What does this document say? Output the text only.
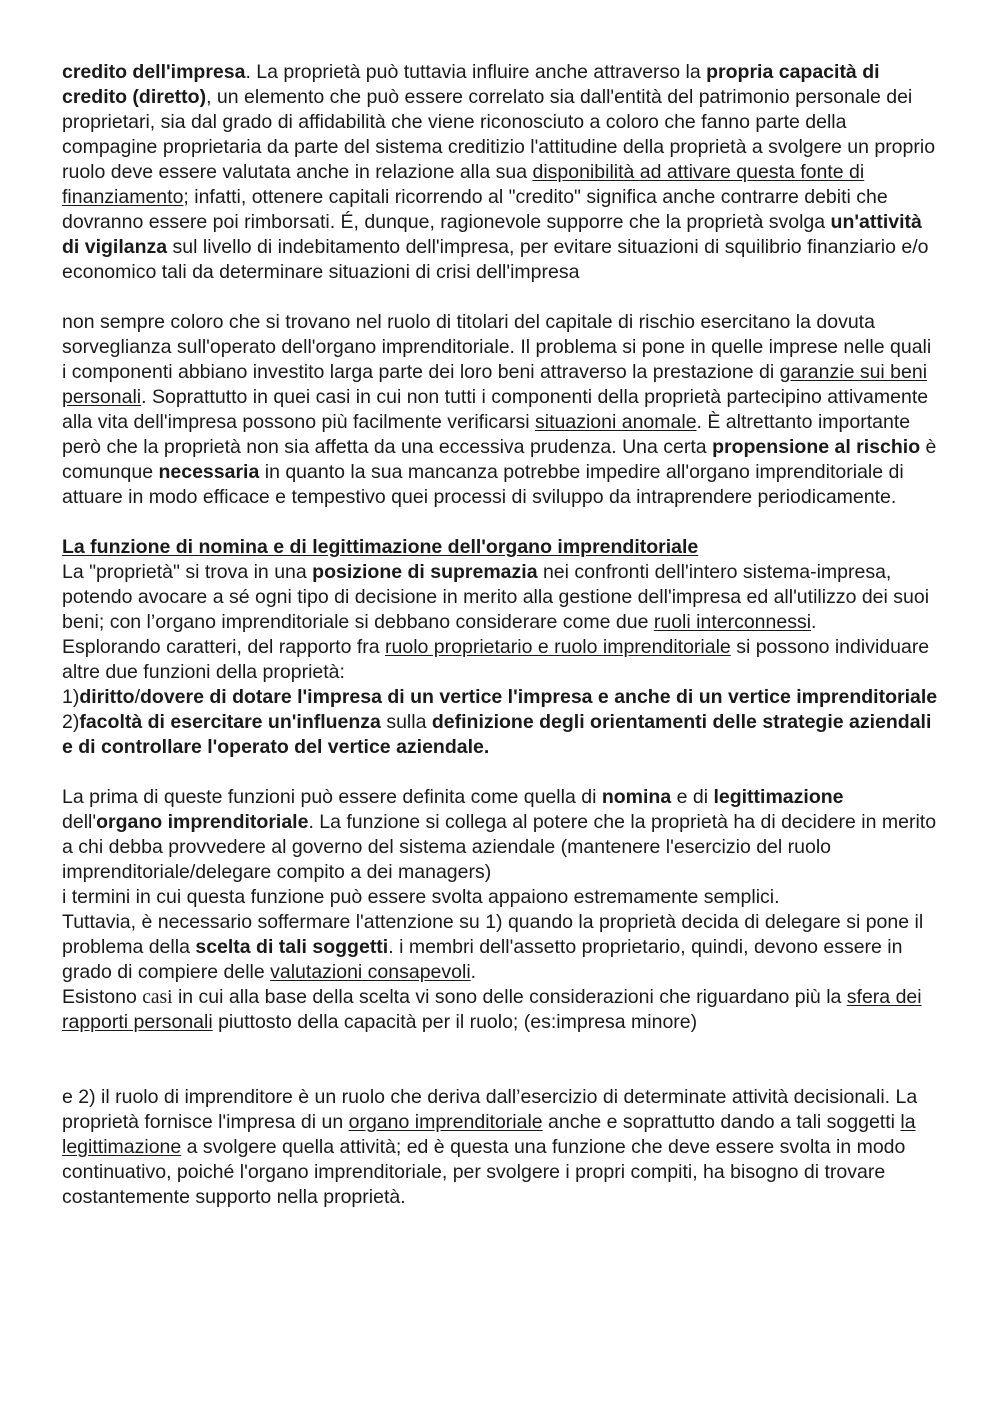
credito dell'impresa. La proprietà può tuttavia influire anche attraverso la propria capacità di credito (diretto), un elemento che può essere correlato sia dall'entità del patrimonio personale dei proprietari, sia dal grado di affidabilità che viene riconosciuto a coloro che fanno parte della compagine proprietaria da parte del sistema creditizio l'attitudine della proprietà a svolgere un proprio ruolo deve essere valutata anche in relazione alla sua disponibilità ad attivare questa fonte di finanziamento; infatti, ottenere capitali ricorrendo al "credito" significa anche contrarre debiti che dovranno essere poi rimborsati. É, dunque, ragionevole supporre che la proprietà svolga un'attività di vigilanza sul livello di indebitamento dell'impresa, per evitare situazioni di squilibrio finanziario e/o economico tali da determinare situazioni di crisi dell'impresa

non sempre coloro che si trovano nel ruolo di titolari del capitale di rischio esercitano la dovuta sorveglianza sull'operato dell'organo imprenditoriale. Il problema si pone in quelle imprese nelle quali i componenti abbiano investito larga parte dei loro beni attraverso la prestazione di garanzie sui beni personali. Soprattutto in quei casi in cui non tutti i componenti della proprietà partecipino attivamente alla vita dell'impresa possono più facilmente verificarsi situazioni anomale. È altrettanto importante però che la proprietà non sia affetta da una eccessiva prudenza. Una certa propensione al rischio è comunque necessaria in quanto la sua mancanza potrebbe impedire all'organo imprenditoriale di attuare in modo efficace e tempestivo quei processi di sviluppo da intraprendere periodicamente.

La funzione di nomina e di legittimazione dell'organo imprenditoriale

La "proprietà" si trova in una posizione di supremazia nei confronti dell'intero sistema-impresa, potendo avocare a sé ogni tipo di decisione in merito alla gestione dell'impresa ed all'utilizzo dei suoi beni; con l’organo imprenditoriale si debbano considerare come due ruoli interconnessi.

Esplorando caratteri, del rapporto fra ruolo proprietario e ruolo imprenditoriale si possono individuare altre due funzioni della proprietà:

1)diritto/dovere di dotare l'impresa di un vertice l'impresa e anche di un vertice imprenditoriale

2)facoltà di esercitare un'influenza sulla definizione degli orientamenti delle strategie aziendali e di controllare l'operato del vertice aziendale.

La prima di queste funzioni può essere definita come quella di nomina e di legittimazione dell'organo imprenditoriale. La funzione si collega al potere che la proprietà ha di decidere in merito a chi debba provvedere al governo del sistema aziendale (mantenere l'esercizio del ruolo imprenditoriale/delegare compito a dei managers)

i termini in cui questa funzione può essere svolta appaiono estremamente semplici.

Tuttavia, è necessario soffermare l'attenzione su 1) quando la proprietà decida di delegare si pone il problema della scelta di tali soggetti. i membri dell'assetto proprietario, quindi, devono essere in grado di compiere delle valutazioni consapevoli.

Esistono casi in cui alla base della scelta vi sono delle considerazioni che riguardano più la sfera dei rapporti personali piuttosto della capacità per il ruolo; (es:impresa minore)

e 2) il ruolo di imprenditore è un ruolo che deriva dall’esercizio di determinate attività decisionali. La proprietà fornisce l'impresa di un organo imprenditoriale anche e soprattutto dando a tali soggetti la legittimazione a svolgere quella attività; ed è questa una funzione che deve essere svolta in modo continuativo, poiché l'organo imprenditoriale, per svolgere i propri compiti, ha bisogno di trovare costantemente supporto nella proprietà.
